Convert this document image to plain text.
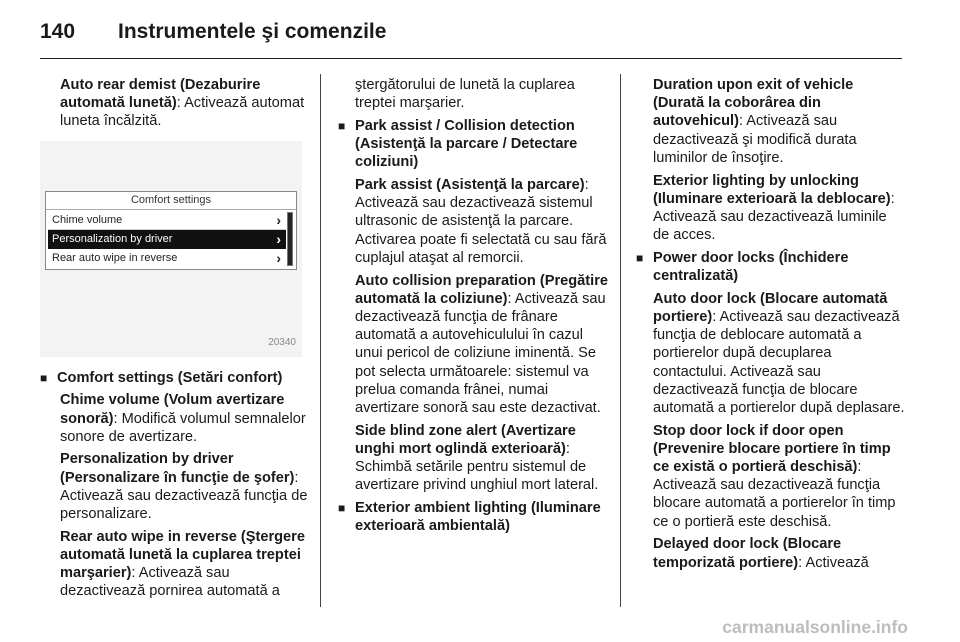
140	Instrumentele şi comenzile

Auto rear demist (Dezaburire automată lunetă): Activează automat luneta încălzită.

Comfort settings
Chime volume	›
Personalization by driver	›
Rear auto wipe in reverse	›
20340
■ Comfort settings (Setări confort)

Chime volume (Volum avertizare sonoră): Modifică volumul semnalelor sonore de avertizare.

Personalization by driver (Personalizare în funcţie de şofer): Activează sau dezactivează funcţia de personalizare.

Rear auto wipe in reverse (Ştergere automată lunetă la cuplarea treptei marşarier): Activează sau dezactivează pornirea automată a

ştergătorului de lunetă la cuplarea treptei marşarier.

■ Park assist / Collision detection (Asistenţă la parcare / Detectare coliziuni)

Park assist (Asistenţă la parcare): Activează sau dezactivează sistemul ultrasonic de asistenţă la parcare. Activarea poate fi selectată cu sau fără cuplajul ataşat al remorcii.

Auto collision preparation (Pregătire automată la coliziune): Activează sau dezactivează funcţia de frânare automată a autovehiculului în cazul unui pericol de coliziune iminentă. Se pot selecta următoarele: sistemul va prelua comanda frânei, numai avertizare sonoră sau este dezactivat.

Side blind zone alert (Avertizare unghi mort oglindă exterioară): Schimbă setările pentru sistemul de avertizare privind unghiul mort lateral.

■ Exterior ambient lighting (Iluminare exterioară ambientală)

Duration upon exit of vehicle (Durată la coborârea din autovehicul): Activează sau dezactivează şi modifică durata luminilor de însoţire.

Exterior lighting by unlocking (Iluminare exterioară la deblocare): Activează sau dezactivează luminile de acces.

■ Power door locks (Închidere centralizată)

Auto door lock (Blocare automată portiere): Activează sau dezactivează funcţia de deblocare automată a portierelor după decuplarea contactului. Activează sau dezactivează funcţia de blocare automată a portierelor după deplasare.

Stop door lock if door open (Prevenire blocare portiere în timp ce există o portieră deschisă): Activează sau dezactivează funcţia blocare automată a portierelor în timp ce o portieră este deschisă.

Delayed door lock (Blocare temporizată portiere): Activează

carmanualsonline.info
